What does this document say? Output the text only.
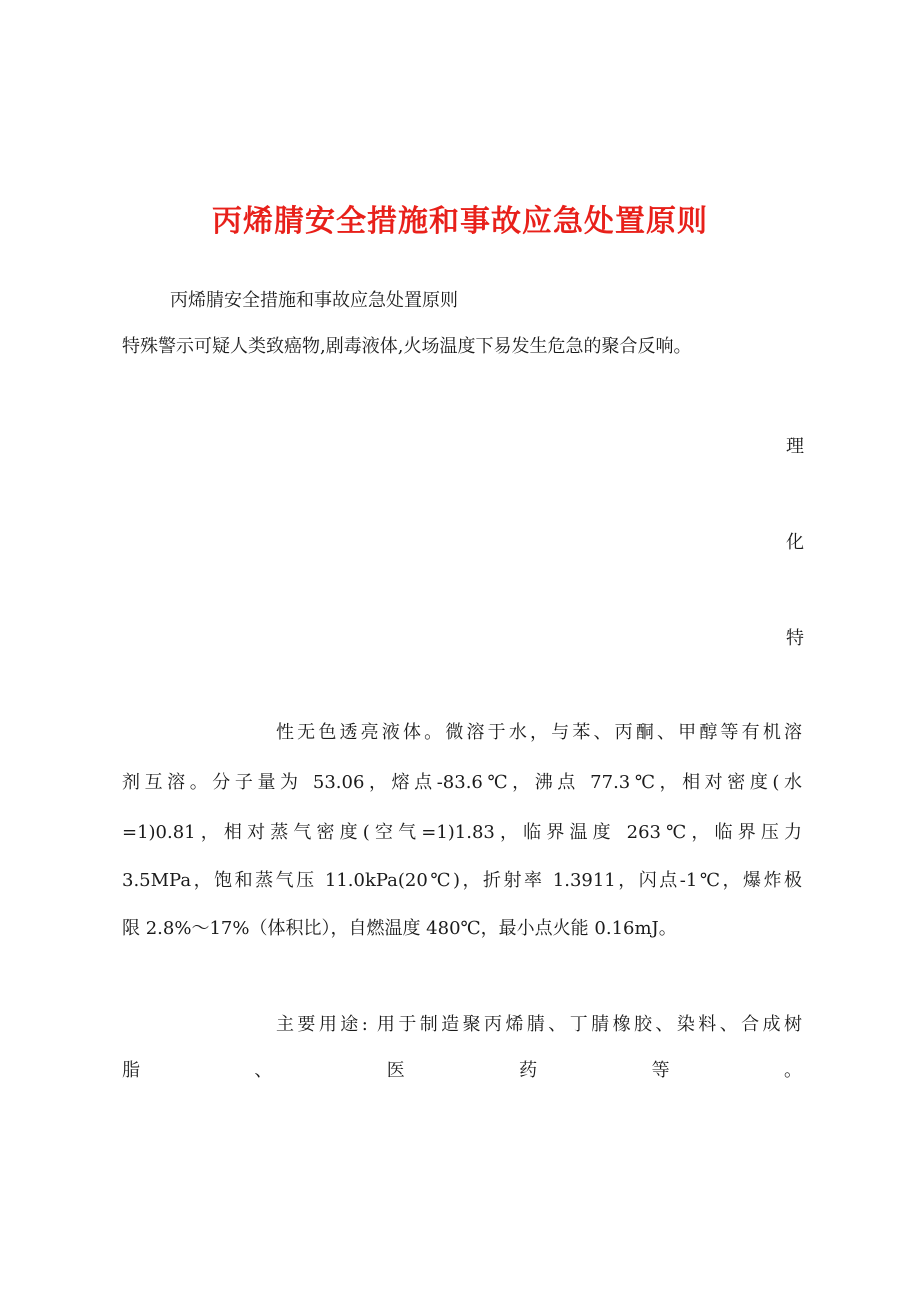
丙烯腈安全措施和事故应急处置原则

丙烯腈安全措施和事故应急处置原则

特殊警示可疑人类致癌物,剧毒液体,火场温度下易发生危急的聚合反响。

理

化

特

性无色透亮液体。微溶于水，与苯、丙酮、甲醇等有机溶

剂互溶。分子量为 53.06，熔点-83.6℃，沸点 77.3℃，相对密度(水

=1)0.81，相对蒸气密度(空气=1)1.83，临界温度 263℃，临界压力

3.5MPa，饱和蒸气压 11.0kPa(20℃)，折射率 1.3911，闪点-1℃，爆炸极

限 2.8%～17%（体积比），自燃温度 480℃，最小点火能 0.16mJ。

主要用途: 用于制造聚丙烯腈、丁腈橡胶、染料、合成树

脂	、	医	药	等	。
